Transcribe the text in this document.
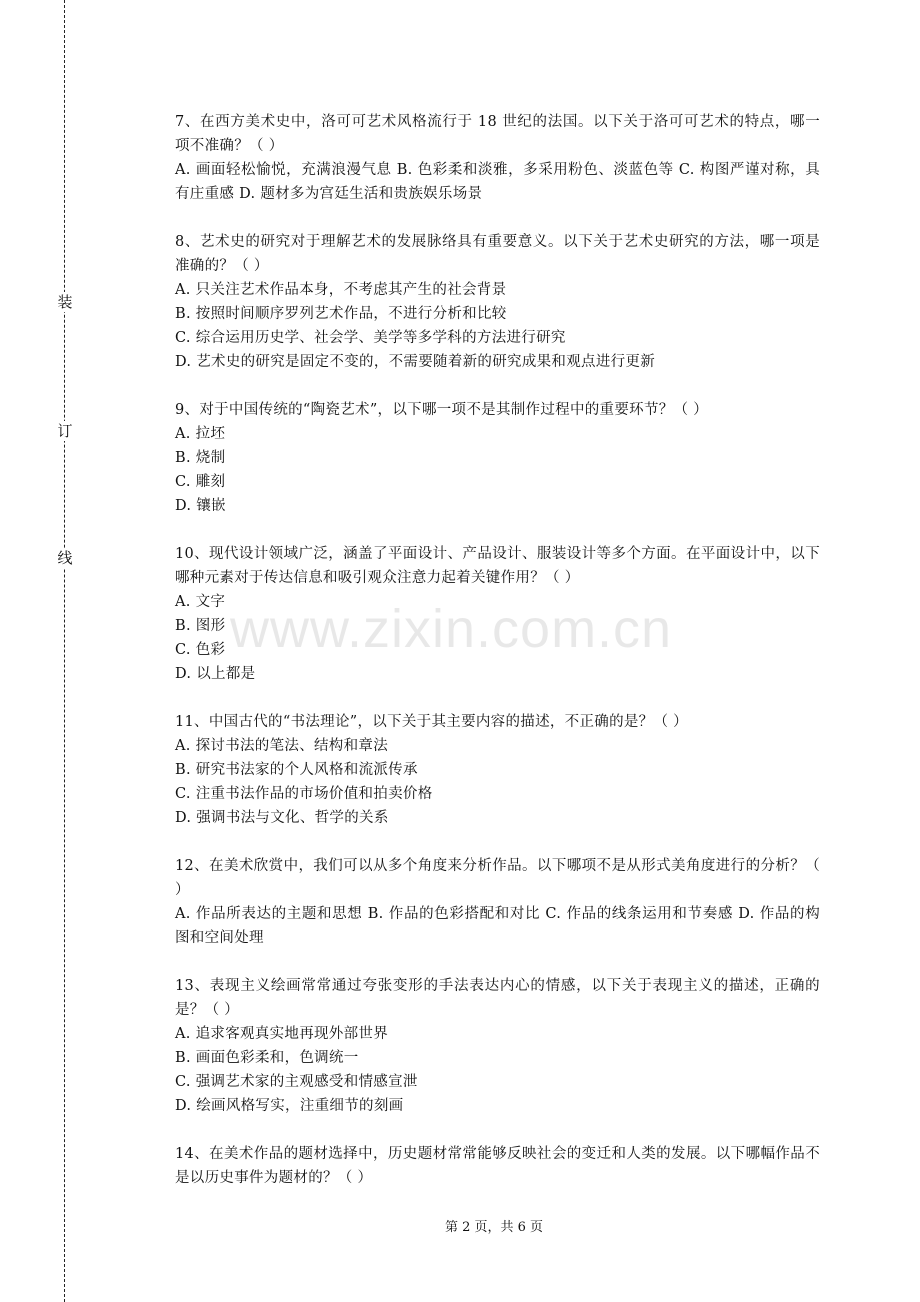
装
订
线
www.zixin.com.cn
7、在西方美术史中，洛可可艺术风格流行于 18 世纪的法国。以下关于洛可可艺术的特点，哪一项不准确？（ ）
A. 画面轻松愉悦，充满浪漫气息 B. 色彩柔和淡雅，多采用粉色、淡蓝色等 C. 构图严谨对称，具有庄重感 D. 题材多为宫廷生活和贵族娱乐场景
8、艺术史的研究对于理解艺术的发展脉络具有重要意义。以下关于艺术史研究的方法，哪一项是准确的？（ ）
A. 只关注艺术作品本身，不考虑其产生的社会背景
B. 按照时间顺序罗列艺术作品，不进行分析和比较
C. 综合运用历史学、社会学、美学等多学科的方法进行研究
D. 艺术史的研究是固定不变的，不需要随着新的研究成果和观点进行更新
9、对于中国传统的“陶瓷艺术”，以下哪一项不是其制作过程中的重要环节？（ ）
A. 拉坯
B. 烧制
C. 雕刻
D. 镶嵌
10、现代设计领域广泛，涵盖了平面设计、产品设计、服装设计等多个方面。在平面设计中，以下哪种元素对于传达信息和吸引观众注意力起着关键作用？（ ）
A. 文字
B. 图形
C. 色彩
D. 以上都是
11、中国古代的“书法理论”，以下关于其主要内容的描述，不正确的是？（ ）
A. 探讨书法的笔法、结构和章法
B. 研究书法家的个人风格和流派传承
C. 注重书法作品的市场价值和拍卖价格
D. 强调书法与文化、哲学的关系
12、在美术欣赏中，我们可以从多个角度来分析作品。以下哪项不是从形式美角度进行的分析？（ ）
A. 作品所表达的主题和思想 B. 作品的色彩搭配和对比 C. 作品的线条运用和节奏感 D. 作品的构图和空间处理
13、表现主义绘画常常通过夸张变形的手法表达内心的情感，以下关于表现主义的描述，正确的是？（ ）
A. 追求客观真实地再现外部世界
B. 画面色彩柔和，色调统一
C. 强调艺术家的主观感受和情感宣泄
D. 绘画风格写实，注重细节的刻画
14、在美术作品的题材选择中，历史题材常常能够反映社会的变迁和人类的发展。以下哪幅作品不是以历史事件为题材的？（ ）
第 2 页，共 6 页
